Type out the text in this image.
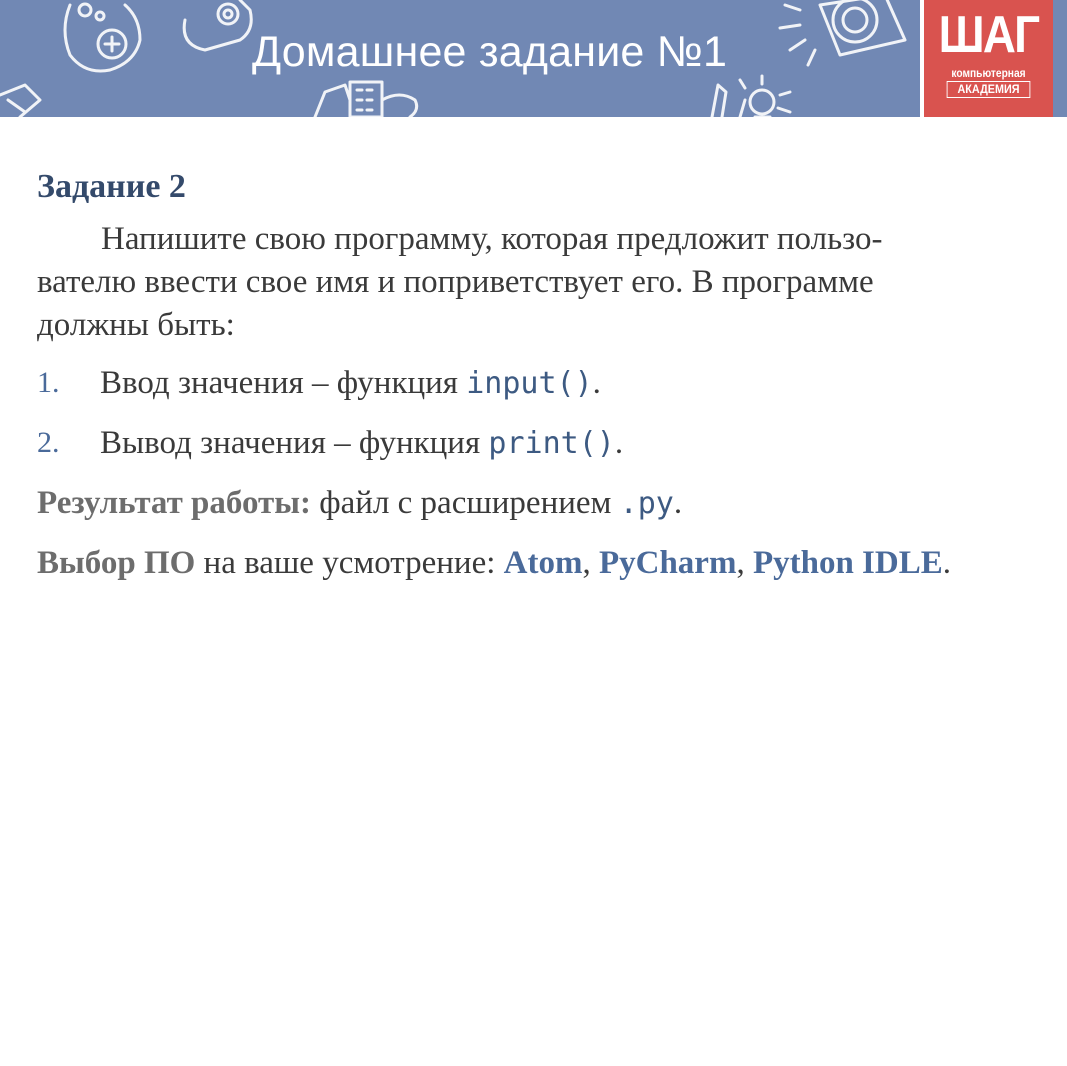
Домашнее задание №1	ШАГ
компьютерная
АКАДЕМИЯ
Задание 2
Напишите свою программу, которая предложит пользо-
вателю ввести свое имя и поприветствует его. В программе
должны быть:
1. Ввод значения – функция input().
2. Вывод значения – функция print().

Результат работы: файл с расширением .py.

Выбор ПО на ваше усмотрение: Atom, PyCharm, Python IDLE.
